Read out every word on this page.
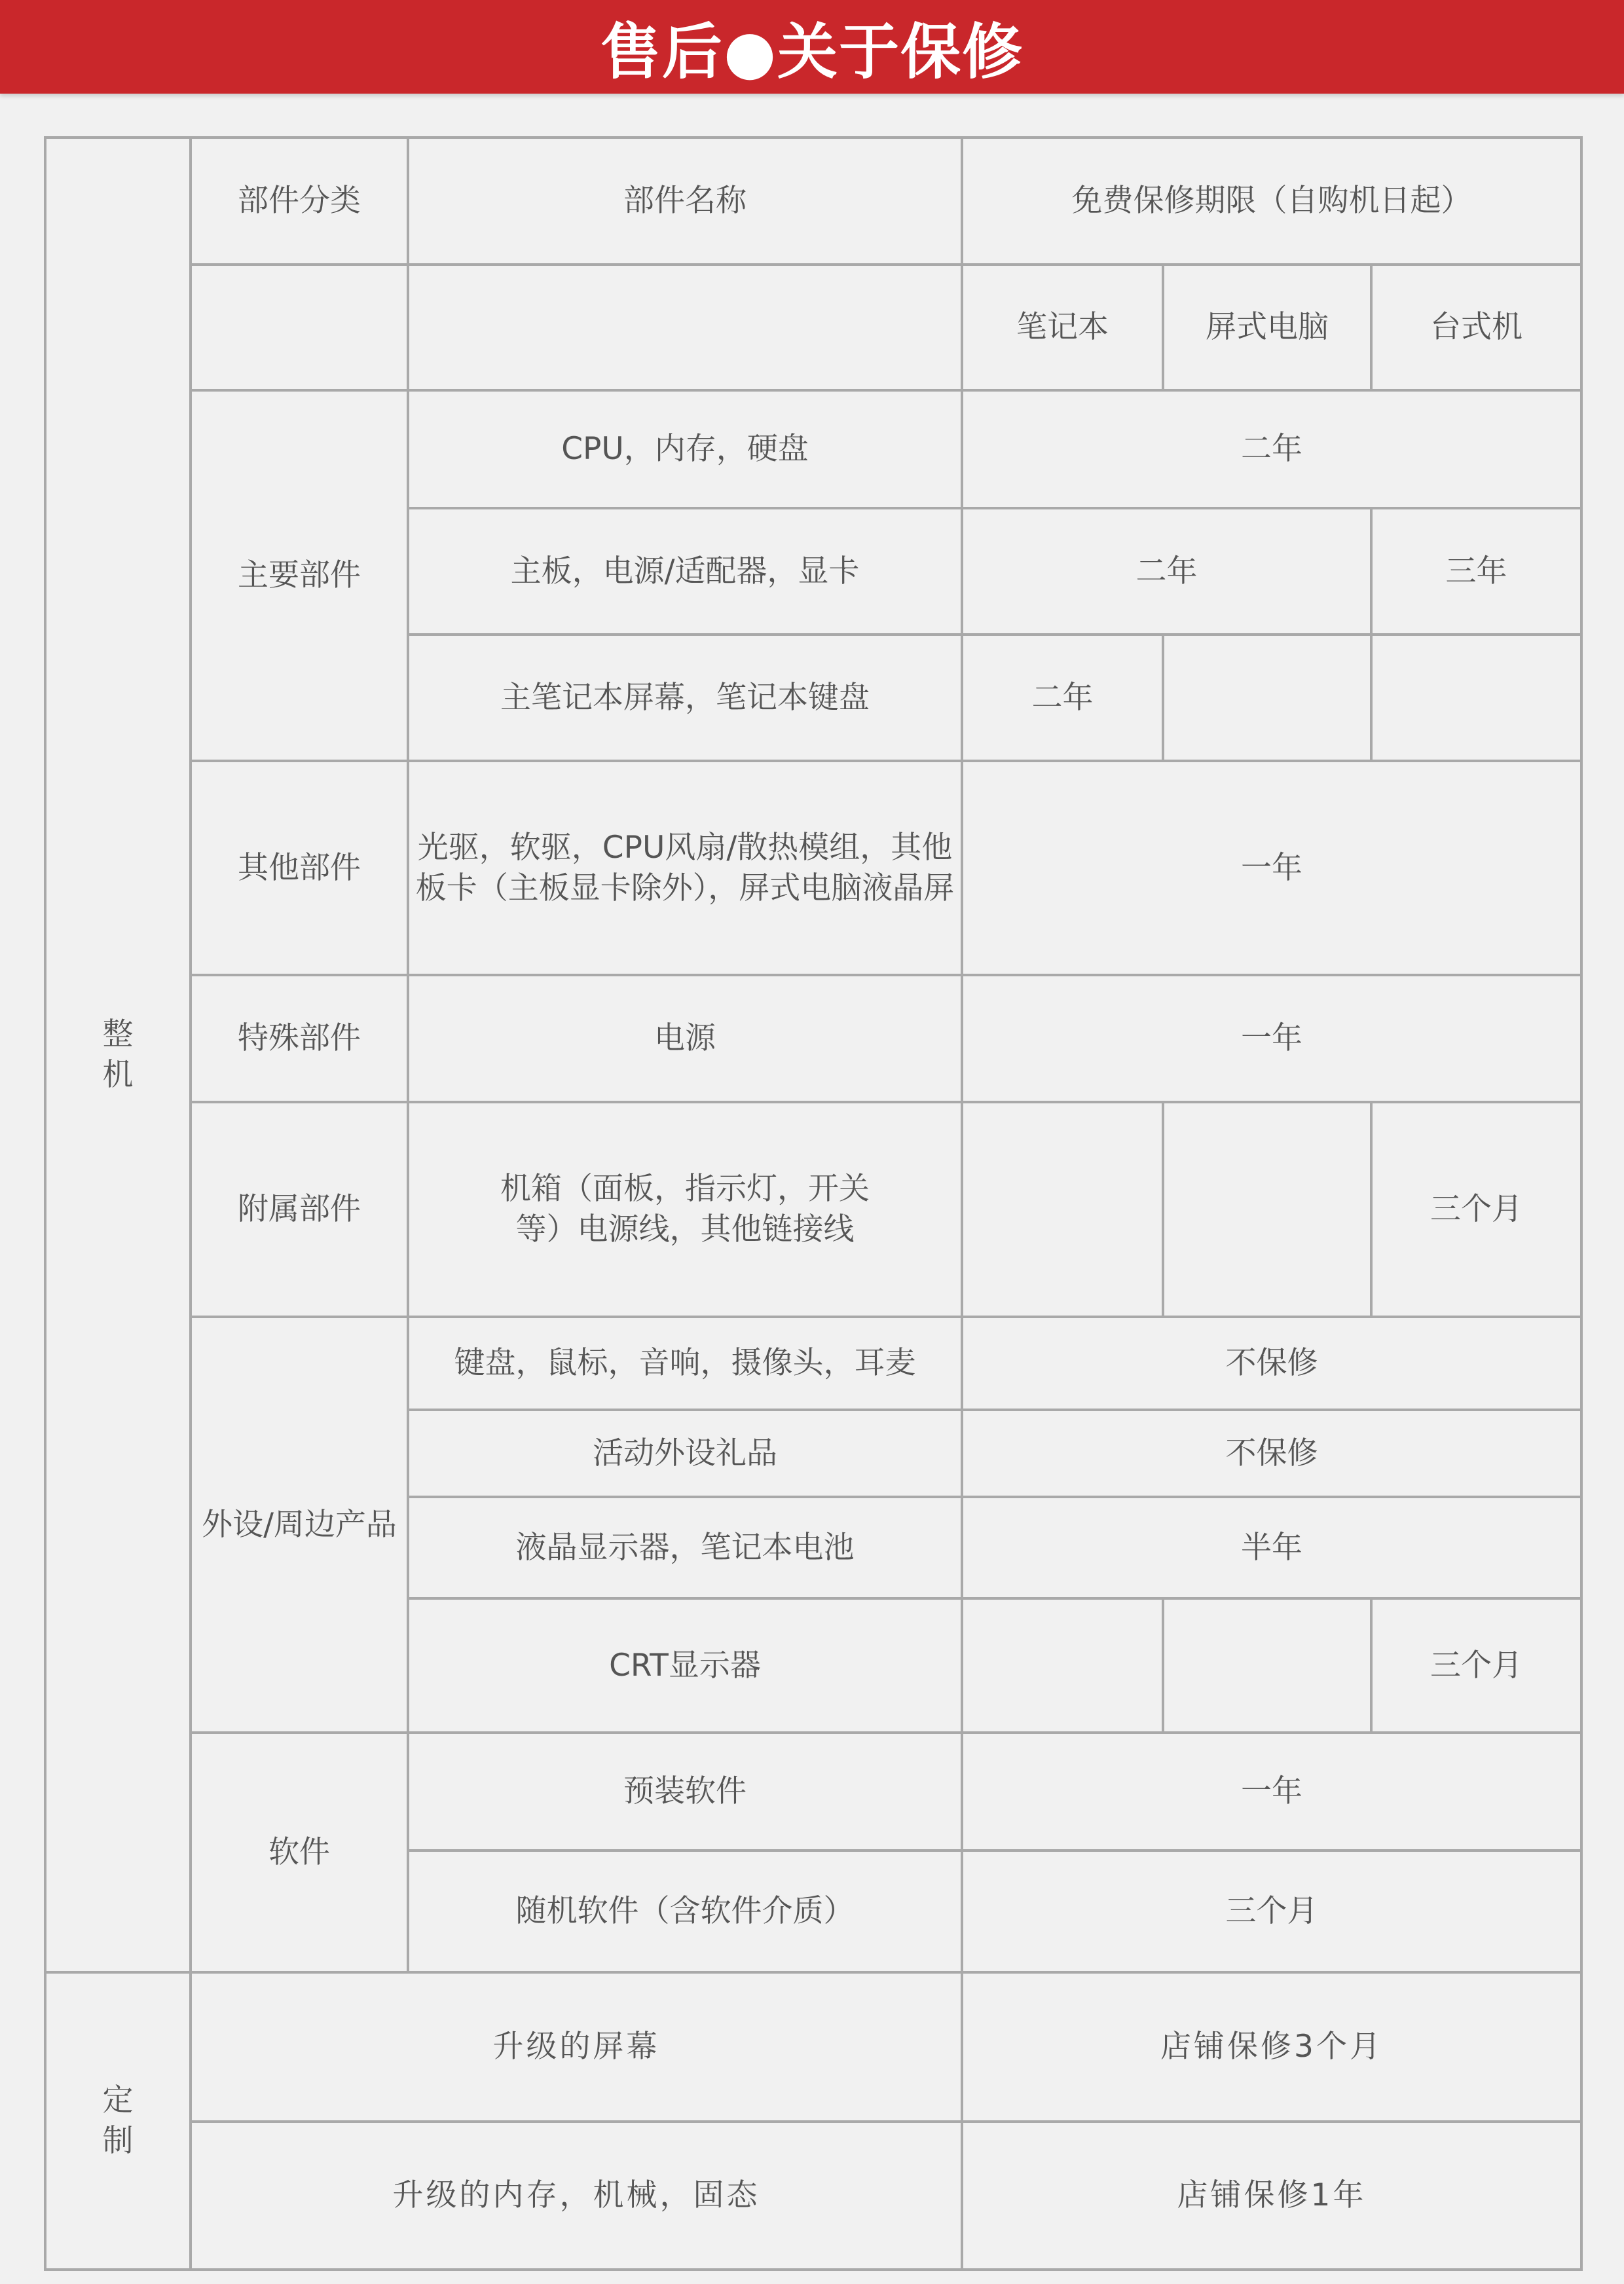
售后●关于保修
整
机	部件分类	部件名称	免费保修期限（自购机日起）		
			笔记本	屏式电脑	台式机
	主要部件	CPU，内存，硬盘	二年		
		主板，电源/适配器，显卡	二年		三年
		主笔记本屏幕，笔记本键盘	二年		
	其他部件	光驱，软驱，CPU风扇/散热模组，其他板卡（主板显卡除外），屏式电脑液晶屏	一年		
	特殊部件	电源	一年		
	附属部件	机箱（面板，指示灯，开关等）电源线，其他链接线			三个月
	外设/周边产品	键盘，鼠标，音响，摄像头，耳麦	不保修		
		活动外设礼品	不保修		
		液晶显示器，笔记本电池	半年		
		CRT显示器			三个月
	软件	预装软件	一年		
		随机软件（含软件介质）	三个月		

定
制	升级的屏幕		店铺保修3个月		
	升级的内存，机械，固态		店铺保修1年		
